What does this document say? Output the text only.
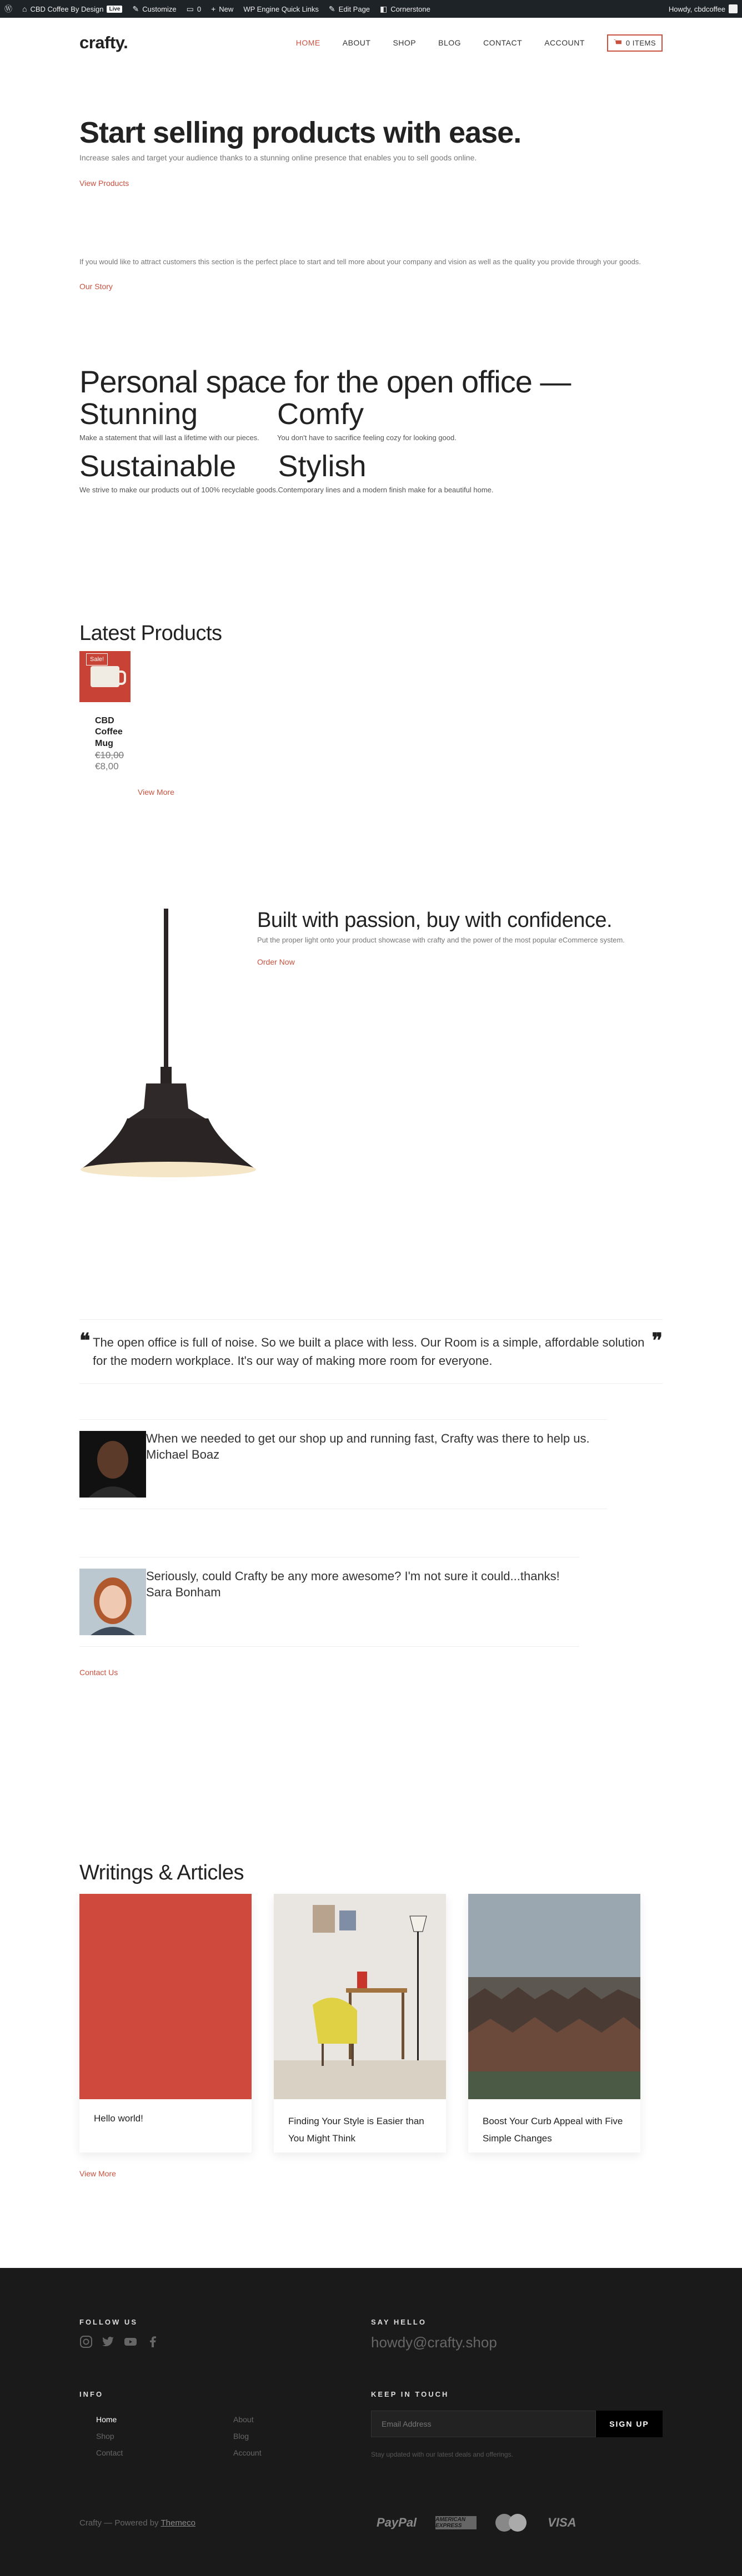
Ⓦ ⌂ CBD Coffee By Design	Live ✎ Customize ▭ 0 + New WP Engine Quick Links ✎ Edit Page ◧ Cornerstone	Howdy, cbdcoffee
crafty.	HOME	ABOUT	SHOP	BLOG	CONTACT	ACCOUNT	0 ITEMS
Start selling products with ease.

Increase sales and target your audience thanks to a stunning online presence that enables you to sell goods online.

View Products

If you would like to attract customers this section is the perfect place to start and tell more about your company and vision as well as the quality you provide through your goods.

Our Story
Personal space for the open office —
Stunning

Make a statement that will last a lifetime with our pieces.

Comfy

You don't have to sacrifice feeling cozy for looking good.

Sustainable

We strive to make our products out of 100% recyclable goods.

Stylish

Contemporary lines and a modern finish make for a beautiful home.

Latest Products
Sale!
CBD Coffee Mug
€10,00
€8,00
View More
Built with passion, buy with confidence.

Put the proper light onto your product showcase with crafty and the power of the most popular eCommerce system.

Order Now
❝ The open office is full of noise. So we built a place with less. Our Room is a simple, affordable solution for the modern workplace. It's our way of making more room for everyone.

❞

When we needed to get our shop up and running fast, Crafty was there to help us.

Michael Boaz

Seriously, could Crafty be any more awesome? I'm not sure it could...thanks!

Sara Bonham

Contact Us
Writings & Articles

Hello world!	Finding Your Style is Easier than You Might Think

Boost Your Curb Appeal with Five Simple Changes

View More
FOLLOW US	SAY HELLO
howdy@crafty.shop
INFO
Home	About
Shop	Blog
Contact	Account
KEEP IN TOUCH
Email Address
SIGN UP

Stay updated with our latest deals and offerings.

Crafty — Powered by Themeco	PayPal	AMERICAN EXPRESS	VISA
